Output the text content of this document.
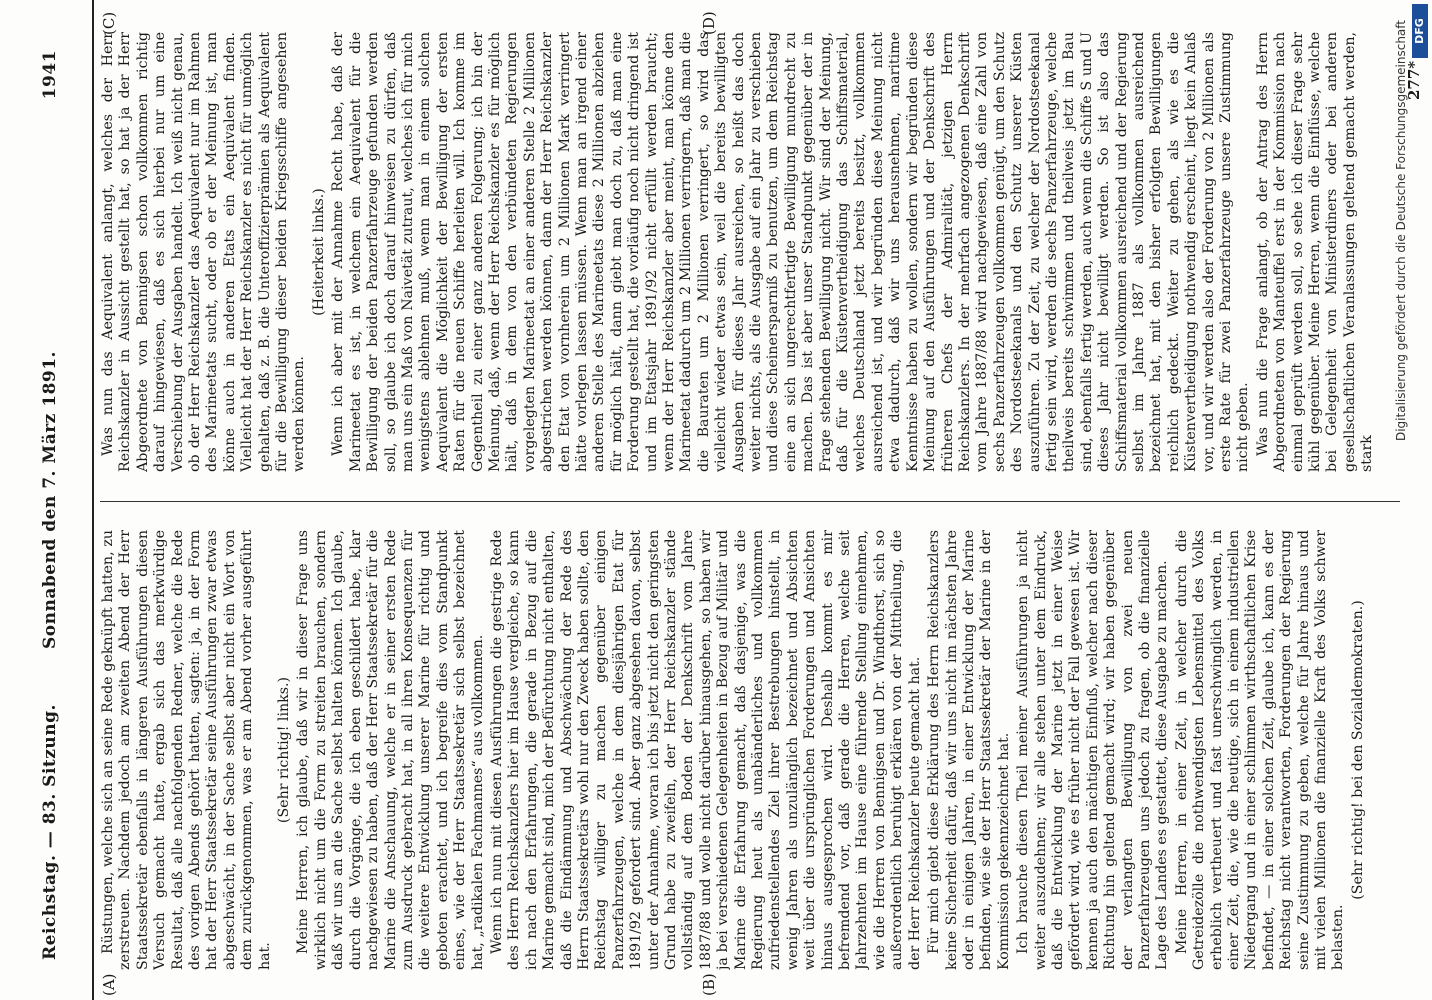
Reichstag. — 83. Sitzung.
Sonnabend den 7. März 1891.
1941
(A)	(B)
(C)	(D)

Rüstungen, welche sich an seine Rede geknüpft hatten, zu zerstreuen. Nachdem jedoch am zweiten Abend der Herr Staatssekretär ebenfalls in längeren Ausführungen diesen Versuch gemacht hatte, ergab sich das merkwürdige Resultat, daß alle nachfolgenden Redner, welche die Rede des vorigen Abends gehört hatten, sagten: ja, in der Form hat der Herr Staatssekretär seine Ausführungen zwar etwas abgeschwächt, in der Sache selbst aber nicht ein Wort von dem zurückgenommen, was er am Abend vorher ausgeführt hat.

(Sehr richtig! links.) Meine Herren, ich glaube, daß wir in dieser Frage uns wirklich nicht um die Form zu streiten brauchen, sondern daß wir uns an die Sache selbst halten können. Ich glaube, durch die Vorgänge, die ich eben geschildert habe, klar nachgewiesen zu haben, daß der Herr Staatssekretär für die Marine die Anschauung, welche er in seiner ersten Rede zum Ausdruck gebracht hat, in all ihren Konsequenzen für die weitere Entwicklung unserer Marine für richtig und geboten erachtet, und ich begreife dies vom Standpunkt eines, wie der Herr Staatssekretär sich selbst bezeichnet hat, „radikalen Fachmannes“ aus vollkommen. Wenn ich nun mit diesen Ausführungen die gestrige Rede des Herrn Reichskanzlers hier im Hause vergleiche, so kann ich nach den Erfahrungen, die gerade in Bezug auf die Marine gemacht sind, mich der Befürchtung nicht enthalten, daß die Eindämmung und Abschwächung der Rede des Herrn Staatssekretärs wohl nur den Zweck haben sollte, den Reichstag williger zu machen gegenüber einigen Panzerfahrzeugen, welche in dem diesjährigen Etat für 1891/92 gefordert sind. Aber ganz abgesehen davon, selbst unter der Annahme, woran ich bis jetzt nicht den geringsten Grund habe zu zweifeln, der Herr Reichskanzler stände vollständig auf dem Boden der Denkschrift vom Jahre 1887/88 und wolle nicht darüber hinausgehen, so haben wir ja bei verschiedenen Gelegenheiten in Bezug auf Militär und Marine die Erfahrung gemacht, daß dasjenige, was die Regierung heut als unabänderliches und vollkommen zufriedenstellendes Ziel ihrer Bestrebungen hinstellt, in wenig Jahren als unzulänglich bezeichnet und Absichten weit über die ursprünglichen Forderungen und Ansichten hinaus ausgesprochen wird. Deshalb kommt es mir befremdend vor, daß gerade die Herren, welche seit Jahrzehnten im Hause eine führende Stellung einnehmen, wie die Herren von Bennigsen und Dr. Windthorst, sich so außerordentlich beruhigt erklären von der Mittheilung, die der Herr Reichskanzler heute gemacht hat. Für mich giebt diese Erklärung des Herrn Reichskanzlers keine Sicherheit dafür, daß wir uns nicht im nächsten Jahre oder in einigen Jahren, in einer Entwicklung der Marine befinden, wie sie der Herr Staatssekretär der Marine in der Kommission gekennzeichnet hat. Ich brauche diesen Theil meiner Ausführungen ja nicht weiter auszudehnen; wir alle stehen unter dem Eindruck, daß die Entwicklung der Marine jetzt in einer Weise gefördert wird, wie es früher nicht der Fall gewesen ist. Wir kennen ja auch den mächtigen Einfluß, welcher nach dieser Richtung hin geltend gemacht wird; wir haben gegenüber der verlangten Bewilligung von zwei neuen Panzerfahrzeugen uns jedoch zu fragen, ob die finanzielle Lage des Landes es gestattet, diese Ausgabe zu machen. Meine Herren, in einer Zeit, in welcher durch die Getreidezölle die nothwendigsten Lebensmittel des Volks erheblich vertheuert und fast unerschwinglich werden, in einer Zeit, die, wie die heutige, sich in einem industriellen Niedergang und in einer schlimmen wirthschaftlichen Krise befindet, — in einer solchen Zeit, glaube ich, kann es der Reichstag nicht verantworten, Forderungen der Regierung seine Zustimmung zu geben, welche für Jahre hinaus und mit vielen Millionen die finanzielle Kraft des Volks schwer belasten.

(Sehr richtig! bei den Sozialdemokraten.)

Was nun das Aequivalent anlangt, welches der Herr Reichskanzler in Aussicht gestellt hat, so hat ja der Herr Abgeordnete von Bennigsen schon vollkommen richtig darauf hingewiesen, daß es sich hierbei nur um eine Verschiebung der Ausgaben handelt. Ich weiß nicht genau, ob der Herr Reichskanzler das Aequivalent nur im Rahmen des Marineetats sucht, oder ob er der Meinung ist, man könne auch in anderen Etats ein Aequivalent finden. Vielleicht hat der Herr Reichskanzler es nicht für unmöglich gehalten, daß z. B. die Unteroffizierprämien als Aequivalent für die Bewilligung dieser beiden Kriegsschiffe angesehen werden können.

(Heiterkeit links.) Wenn ich aber mit der Annahme Recht habe, daß der Marineetat es ist, in welchem ein Aequivalent für die Bewilligung der beiden Panzerfahrzeuge gefunden werden soll, so glaube ich doch darauf hinweisen zu dürfen, daß man uns ein Maß von Naivetät zutraut, welches ich für mich wenigstens ablehnen muß, wenn man in einem solchen Aequivalent die Möglichkeit der Bewilligung der ersten Raten für die neuen Schiffe herleiten will. Ich komme im Gegentheil zu einer ganz anderen Folgerung; ich bin der Meinung, daß, wenn der Herr Reichskanzler es für möglich hält, daß in dem von den verbündeten Regierungen vorgelegten Marineetat an einer anderen Stelle 2 Millionen abgestrichen werden können, dann der Herr Reichskanzler den Etat von vornherein um 2 Millionen Mark verringert hätte vorlegen lassen müssen. Wenn man an irgend einer anderen Stelle des Marineetats diese 2 Millionen abziehen für möglich hält, dann giebt man doch zu, daß man eine Forderung gestellt hat, die vorläufig noch nicht dringend ist und im Etatsjahr 1891/92 nicht erfüllt werden braucht; wenn der Herr Reichskanzler aber meint, man könne den Marineetat dadurch um 2 Millionen verringern, daß man die die Bauraten um 2 Millionen verringert, so wird das vielleicht wieder etwas sein, weil die bereits bewilligten Ausgaben für dieses Jahr ausreichen, so heißt das doch weiter nichts, als die Ausgabe auf ein Jahr zu verschieben und diese Scheinersparniß zu benutzen, um dem Reichstag eine an sich ungerechtfertigte Bewilligung mundrecht zu machen. Das ist aber unser Standpunkt gegenüber der in Frage stehenden Bewilligung nicht. Wir sind der Meinung, daß für die Küstenvertheidigung das Schiffsmaterial, welches Deutschland jetzt bereits besitzt, vollkommen ausreichend ist, und wir begründen diese Meinung nicht etwa dadurch, daß wir uns herausnehmen, maritime Kenntnisse haben zu wollen, sondern wir begründen diese Meinung auf den Ausführungen und der Denkschrift des früheren Chefs der Admiralität, jetzigen Herrn Reichskanzlers. In der mehrfach angezogenen Denkschrift vom Jahre 1887/88 wird nachgewiesen, daß eine Zahl von sechs Panzerfahrzeugen vollkommen genügt, um den Schutz des Nordostseekanals und den Schutz unserer Küsten auszuführen. Zu der Zeit, zu welcher der Nordostseekanal fertig sein wird, werden die sechs Panzerfahrzeuge, welche theilweis bereits schwimmen und theilweis jetzt im Bau sind, ebenfalls fertig werden, auch wenn die Schiffe S und U dieses Jahr nicht bewilligt werden. So ist also das Schiffsmaterial vollkommen ausreichend und der Regierung selbst im Jahre 1887 als vollkommen ausreichend bezeichnet hat, mit den bisher erfolgten Bewilligungen reichlich gedeckt. Weiter zu gehen, als wie es die Küstenvertheidigung nothwendig erscheint, liegt kein Anlaß vor, und wir werden also der Forderung von 2 Millionen als erste Rate für zwei Panzerfahrzeuge unsere Zustimmung nicht geben. Was nun die Frage anlangt, ob der Antrag des Herrn Abgeordneten von Manteuffel erst in der Kommission nach einmal geprüft werden soll, so sehe ich dieser Frage sehr kühl gegenüber. Meine Herren, wenn die Einflüsse, welche bei Gelegenheit von Ministerdiners oder bei anderen gesellschaftlichen Veranlassungen geltend gemacht werden, stark

277*
Digitalisierung gefördert durch die Deutsche Forschungsgemeinschaft DFG
